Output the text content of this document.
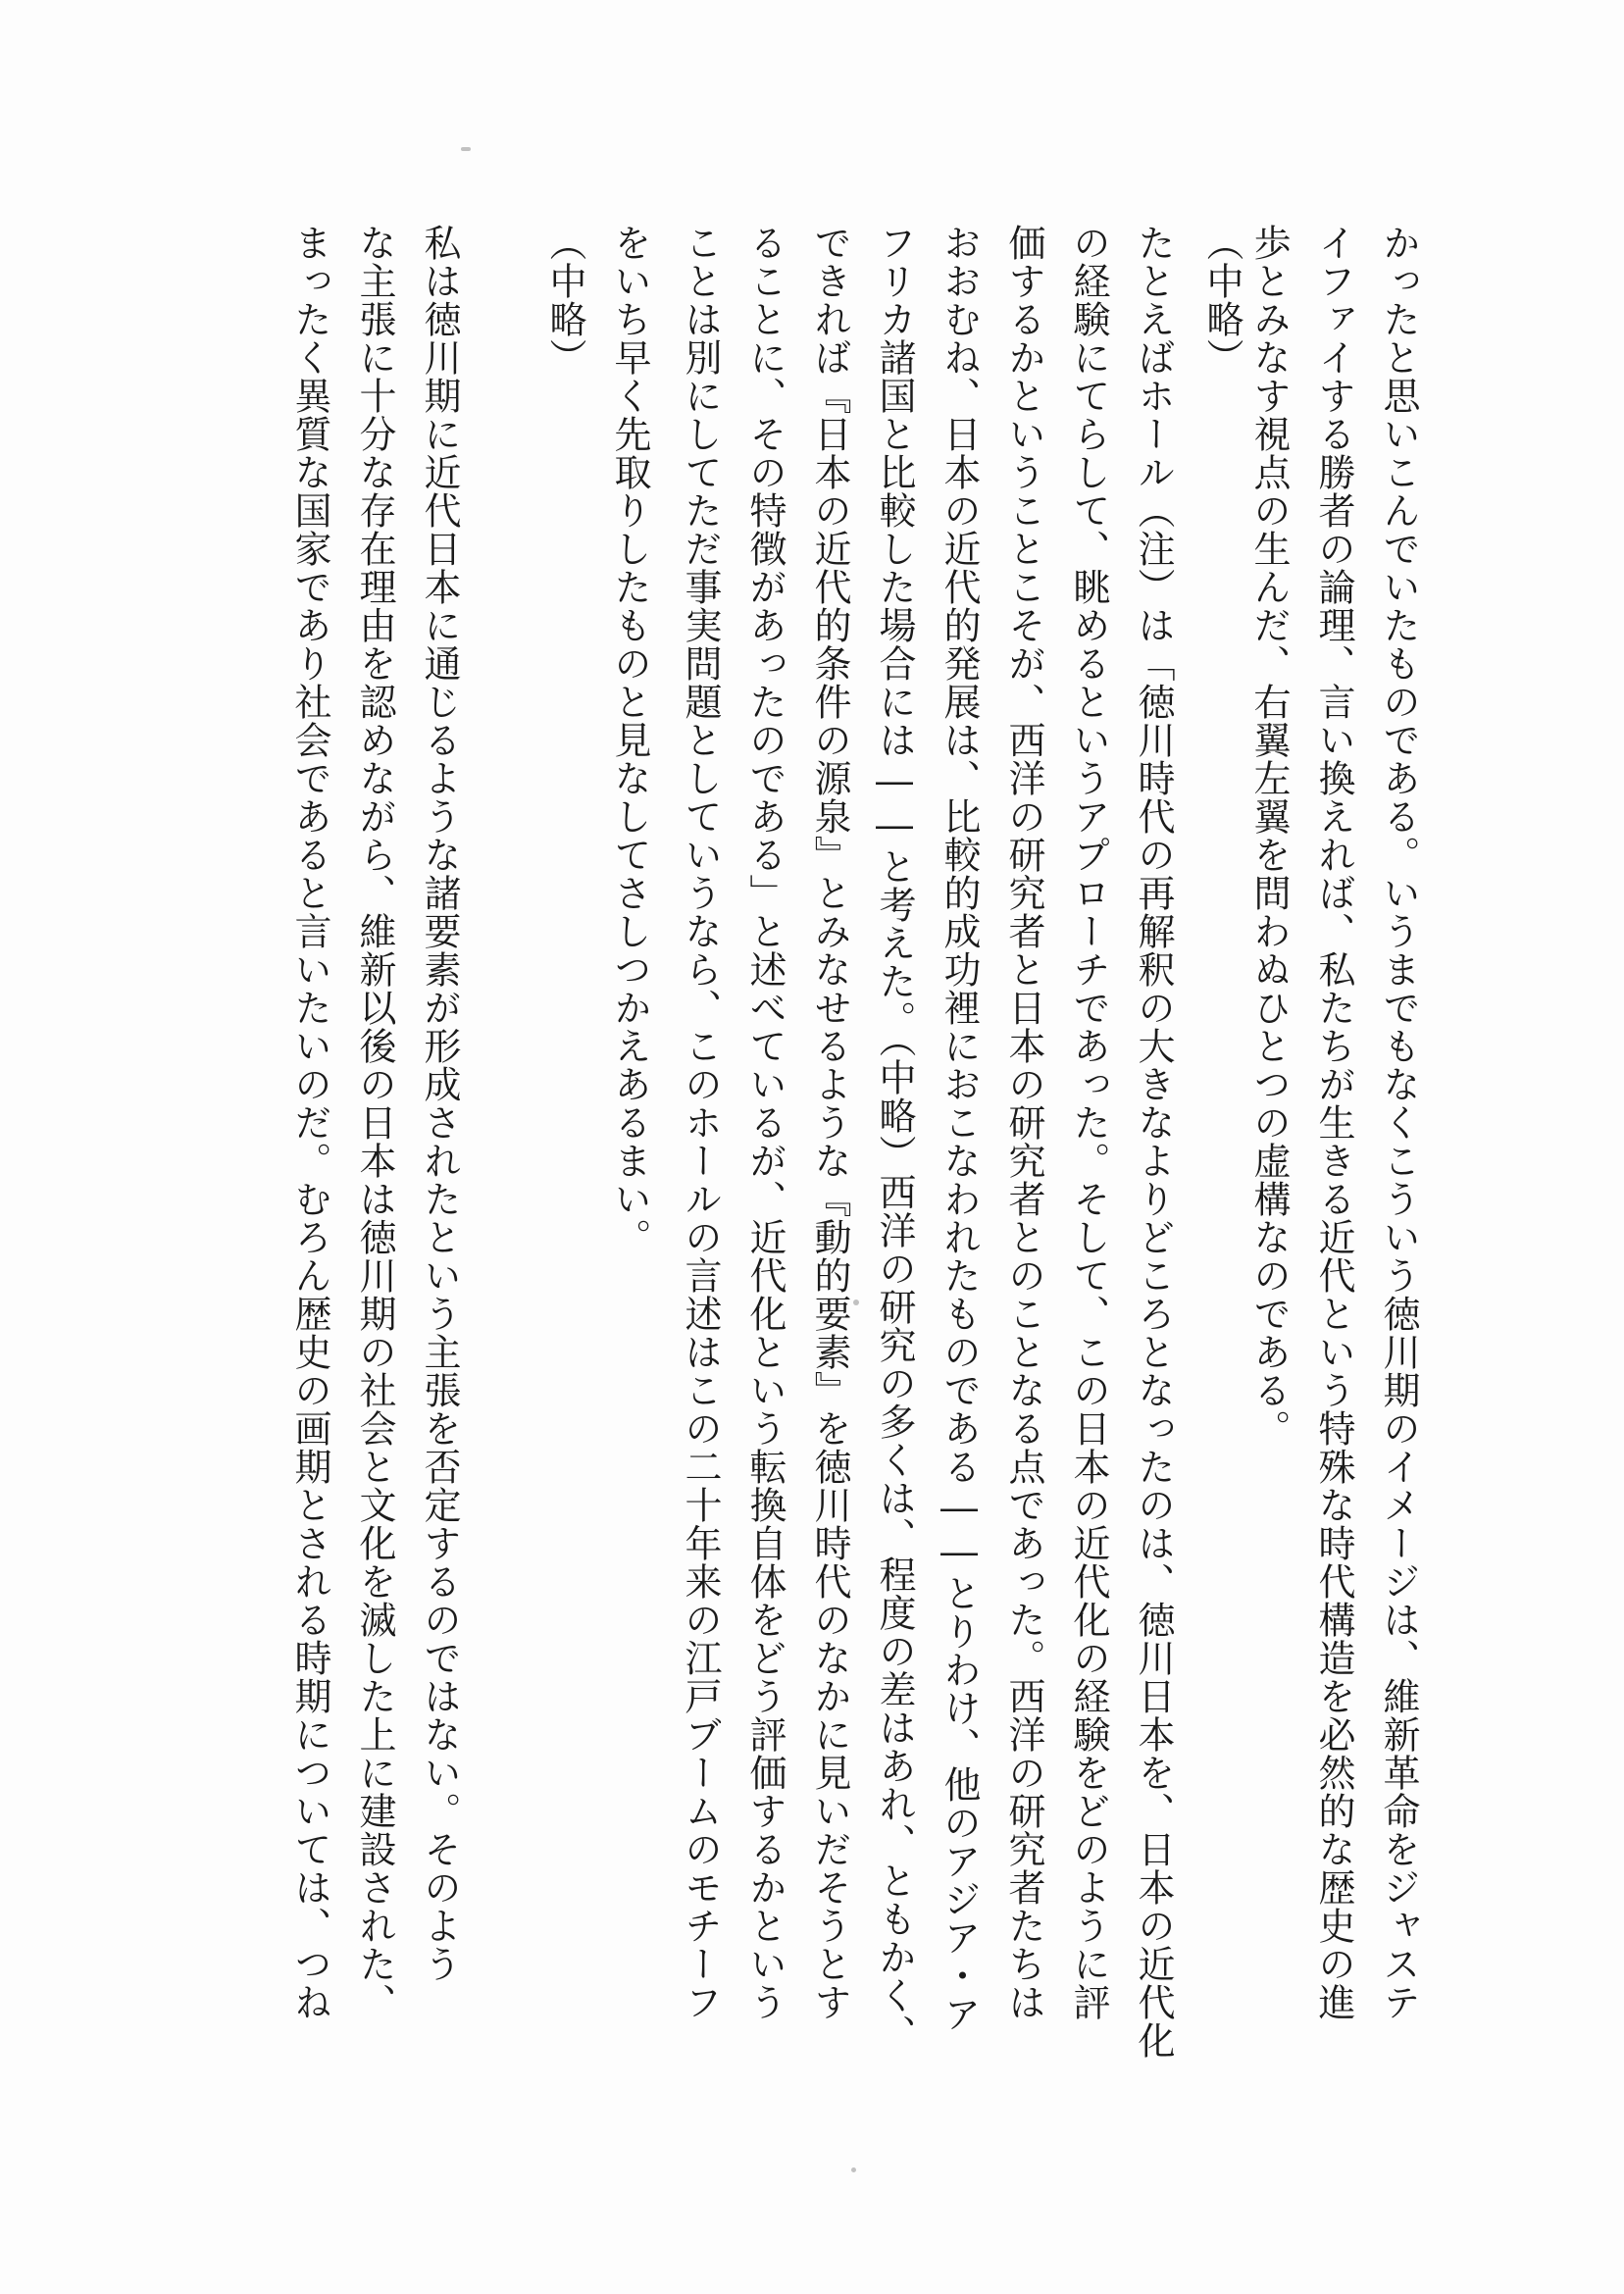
かったと思いこんでいたものである。いうまでもなくこういう徳川期のイメージは、維新革命をジャステ
イファイする勝者の論理、言い換えれば、私たちが生きる近代という特殊な時代構造を必然的な歴史の進
歩とみなす視点の生んだ、右翼左翼を問わぬひとつの虚構なのである。
（中略）
たとえばホール（注）は「徳川時代の再解釈の大きなよりどころとなったのは、徳川日本を、日本の近代化
の経験にてらして、眺めるというアプローチであった。そして、この日本の近代化の経験をどのように評
価するかということこそが、西洋の研究者と日本の研究者とのことなる点であった。西洋の研究者たちは
おおむね、日本の近代的発展は、比較的成功裡におこなわれたものである――とりわけ、他のアジア・ア
フリカ諸国と比較した場合には――と考えた。（中略）西洋の研究の多くは、程度の差はあれ、ともかく、
できれば『日本の近代的条件の源泉』とみなせるような『動的要素』を徳川時代のなかに見いだそうとす
ることに、その特徴があったのである」と述べているが、近代化という転換自体をどう評価するかという
ことは別にしてただ事実問題としていうなら、このホールの言述はこの二十年来の江戸ブームのモチーフ
をいち早く先取りしたものと見なしてさしつかえあるまい。
（中略）
私は徳川期に近代日本に通じるような諸要素が形成されたという主張を否定するのではない。そのよう
な主張に十分な存在理由を認めながら、維新以後の日本は徳川期の社会と文化を滅した上に建設された、
まったく異質な国家であり社会であると言いたいのだ。むろん歴史の画期とされる時期については、つね
